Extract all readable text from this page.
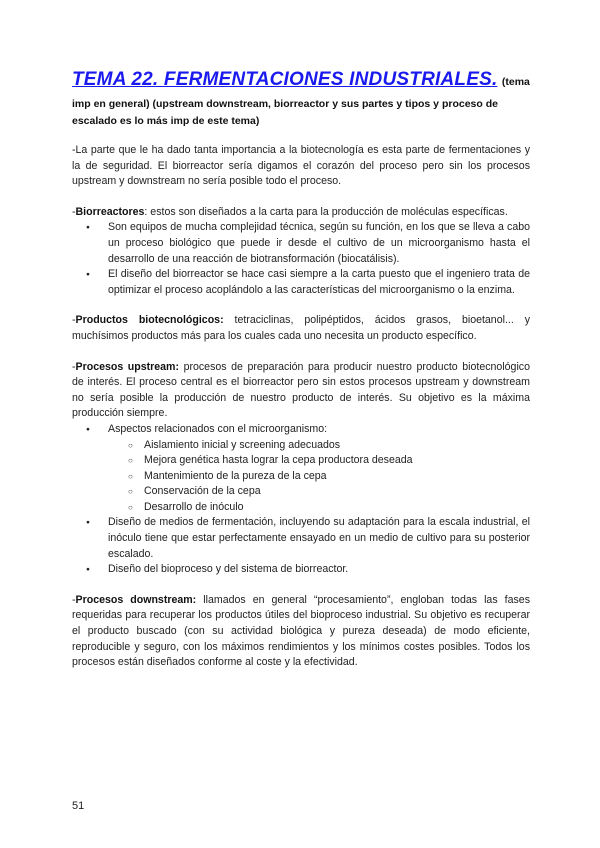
TEMA 22. FERMENTACIONES INDUSTRIALES. (tema
imp en general) (upstream downstream, biorreactor y sus partes y tipos y proceso de escalado es lo más imp de este tema)

-La parte que le ha dado tanta importancia a la biotecnología es esta parte de fermentaciones y la de seguridad. El biorreactor sería digamos el corazón del proceso pero sin los procesos upstream y downstream no sería posible todo el proceso.

-Biorreactores: estos son diseñados a la carta para la producción de moléculas específicas.

● Son equipos de mucha complejidad técnica, según su función, en los que se lleva a cabo un proceso biológico que puede ir desde el cultivo de un microorganismo hasta el desarrollo de una reacción de biotransformación (biocatálisis).
● El diseño del biorreactor se hace casi siempre a la carta puesto que el ingeniero trata de optimizar el proceso acoplándolo a las características del microorganismo o la enzima.

-Productos biotecnológicos: tetraciclinas, polipéptidos, ácidos grasos, bioetanol... y muchísimos productos más para los cuales cada uno necesita un producto específico.

-Procesos upstream: procesos de preparación para producir nuestro producto biotecnológico de interés. El proceso central es el biorreactor pero sin estos procesos upstream y downstream no sería posible la producción de nuestro producto de interés. Su objetivo es la máxima producción siempre.

● Aspectos relacionados con el microorganismo:
○ Aislamiento inicial y screening adecuados
○ Mejora genética hasta lograr la cepa productora deseada
○ Mantenimiento de la pureza de la cepa
○ Conservación de la cepa
○ Desarrollo de inóculo
● Diseño de medios de fermentación, incluyendo su adaptación para la escala industrial, el inóculo tiene que estar perfectamente ensayado en un medio de cultivo para su posterior escalado.
● Diseño del bioproceso y del sistema de biorreactor.

-Procesos downstream: llamados en general “procesamiento”, engloban todas las fases requeridas para recuperar los productos útiles del bioproceso industrial. Su objetivo es recuperar el producto buscado (con su actividad biológica y pureza deseada) de modo eficiente, reproducible y seguro, con los máximos rendimientos y los mínimos costes posibles. Todos los procesos están diseñados conforme al coste y la efectividad.

51
